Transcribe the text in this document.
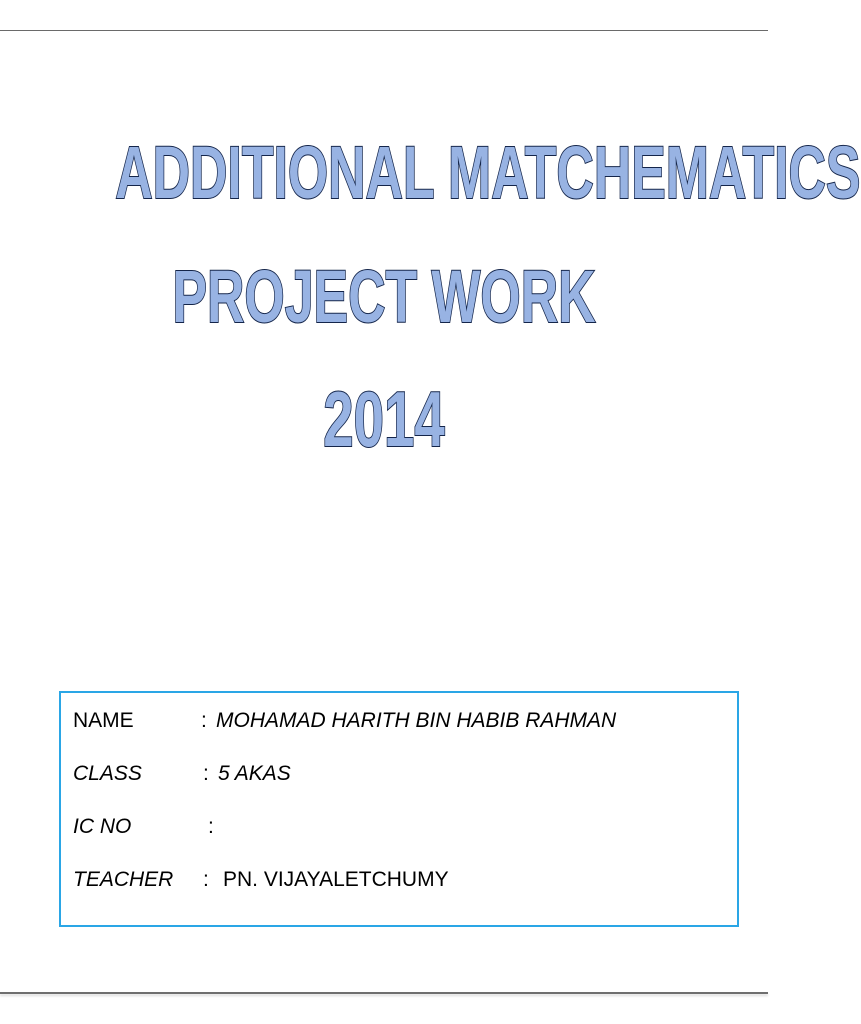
ADDITIONAL MATCHEMATICS
PROJECT WORK
2014
NAME	: MOHAMAD HARITH BIN HABIB RAHMAN
CLASS	: 5 AKAS
IC NO	:
TEACHER : PN. VIJAYALETCHUMY
